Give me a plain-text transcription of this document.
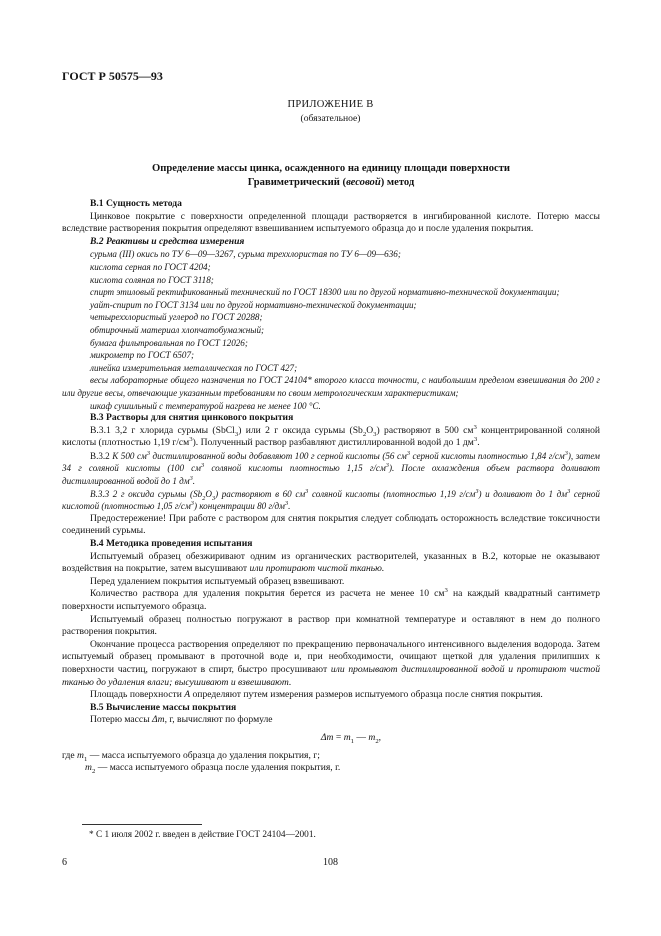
ГОСТ Р 50575—93
ПРИЛОЖЕНИЕ В
(обязательное)
Определение массы цинка, осажденного на единицу площади поверхности
Гравиметрический (весовой) метод

В.1 Сущность метода

Цинковое покрытие с поверхности определенной площади растворяется в ингибированной кислоте. Потерю массы вследствие растворения покрытия определяют взвешиванием испытуемого образца до и после удаления покрытия.

В.2 Реактивы и средства измерения

сурьма (III) окись по ТУ 6—09—3267, сурьма треххлористая по ТУ 6—09—636;

кислота серная по ГОСТ 4204;

кислота соляная по ГОСТ 3118;

спирт этиловый ректификованный технический по ГОСТ 18300 или по другой нормативно-технической документации;

уайт-спирит по ГОСТ 3134 или по другой нормативно-технической документации;

четыреххлористый углерод по ГОСТ 20288;

обтирочный материал хлопчатобумажный;

бумага фильтровальная по ГОСТ 12026;

микрометр по ГОСТ 6507;

линейка измерительная металлическая по ГОСТ 427;

весы лабораторные общего назначения по ГОСТ 24104* второго класса точности, с наибольшим пределом взвешивания до 200 г или другие весы, отвечающие указанным требованиям по своим метрологическим характеристикам;

шкаф сушильный с температурой нагрева не менее 100 °С.

В.3 Растворы для снятия цинкового покрытия

В.3.1 3,2 г хлорида сурьмы (SbCl$_3$) или 2 г оксида сурьмы $(Sb_2O_3)$ растворяют в 500 $см^3$ концентрированной соляной кислоты (плотностью 1,19 $г/см^3$). Полученный раствор разбавляют дистиллированной водой до 1 $дм^3$.

В.3.2 К 500 $см^3$ дистиллированной воды добавляют 100 г серной кислоты (56 $см^3$ серной кислоты плотностью 1,84 $г/см^3$), затем 34 г соляной кислоты (100 $см^3$ соляной кислоты плотностью 1,15 $г/см^3$). После охлаждения объем раствора доливают дистиллированной водой до 1 $дм^3$.

В.3.3 2 г оксида сурьмы $(Sb_2O_3)$ растворяют в 60 $см^3$ соляной кислоты (плотностью 1,19 $г/см^3$) и доливают до 1 $дм^3$ серной кислотой (плотностью 1,05 $г/см^3$) концентрации 80 $г/дм^3$.

Предостережение! При работе с раствором для снятия покрытия следует соблюдать осторожность вследствие токсичности соединений сурьмы.

В.4 Методика проведения испытания

Испытуемый образец обезжиривают одним из органических растворителей, указанных в В.2, которые не оказывают воздействия на покрытие, затем высушивают или протирают чистой тканью.

Перед удалением покрытия испытуемый образец взвешивают.

Количество раствора для удаления покрытия берется из расчета не менее 10 $см^3$ на каждый квадратный сантиметр поверхности испытуемого образца.

Испытуемый образец полностью погружают в раствор при комнатной температуре и оставляют в нем до полного растворения покрытия.

Окончание процесса растворения определяют по прекращению первоначального интенсивного выделения водорода. Затем испытуемый образец промывают в проточной воде и, при необходимости, очищают щеткой для удаления прилипших к поверхности частиц, погружают в спирт, быстро просушивают или промывают дистиллированной водой и протирают чистой тканью до удаления влаги; высушивают и взвешивают.

Площадь поверхности A определяют путем измерения размеров испытуемого образца после снятия покрытия.

В.5 Вычисление массы покрытия

Потерю массы Δm, г, вычисляют по формуле

$\Delta m = m_1$ — $m_2$,

где $m_1$ — масса испытуемого образца до удаления покрытия, г;

$m_2$ — масса испытуемого образца после удаления покрытия, г.

* С 1 июля 2002 г. введен в действие ГОСТ 24104—2001.
6	108
